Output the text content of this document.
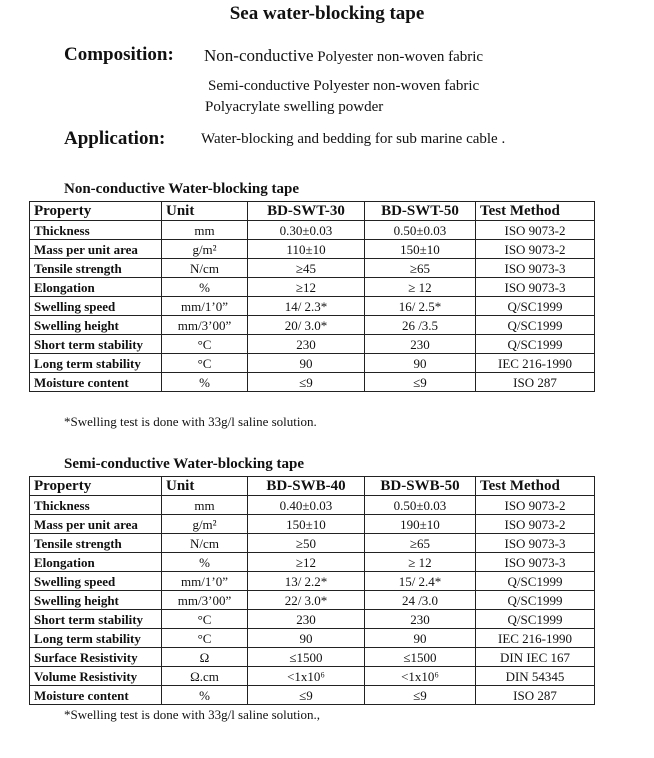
Sea water-blocking tape
Composition: Non-conductive Polyester non-woven fabric
Semi-conductive Polyester non-woven fabric
Polyacrylate swelling powder
Application: Water-blocking and bedding for sub marine cable .
Non-conductive Water-blocking tape
Property	Unit	BD-SWT-30	BD-SWT-50	Test Method
Thickness	mm	0.30±0.03	0.50±0.03	ISO 9073-2
Mass per unit area	g/m²	110±10	150±10	ISO 9073-2
Tensile strength	N/cm	≥45	≥65	ISO 9073-3
Elongation	%	≥12	≥ 12	ISO 9073-3
Swelling speed	mm/1’0”	14/ 2.3*	16/ 2.5*	Q/SC1999
Swelling height	mm/3’00”	20/ 3.0*	26 /3.5	Q/SC1999
Short term stability	°C	230	230	Q/SC1999
Long term stability	°C	90	90	IEC 216-1990
Moisture content	%	≤9	≤9	ISO 287
*Swelling test is done with 33g/l saline solution.
Semi-conductive Water-blocking tape
Property	Unit	BD-SWB-40	BD-SWB-50	Test Method
Thickness	mm	0.40±0.03	0.50±0.03	ISO 9073-2
Mass per unit area	g/m²	150±10	190±10	ISO 9073-2
Tensile strength	N/cm	≥50	≥65	ISO 9073-3
Elongation	%	≥12	≥ 12	ISO 9073-3
Swelling speed	mm/1’0”	13/ 2.2*	15/ 2.4*	Q/SC1999
Swelling height	mm/3’00”	22/ 3.0*	24 /3.0	Q/SC1999
Short term stability	°C	230	230	Q/SC1999
Long term stability	°C	90	90	IEC 216-1990
Surface Resistivity	Ω	≤1500	≤1500	DIN IEC 167
Volume Resistivity	Ω.cm	<1x10⁶	<1x10⁶	DIN 54345
Moisture content	%	≤9	≤9	ISO 287
*Swelling test is done with 33g/l saline solution.,
